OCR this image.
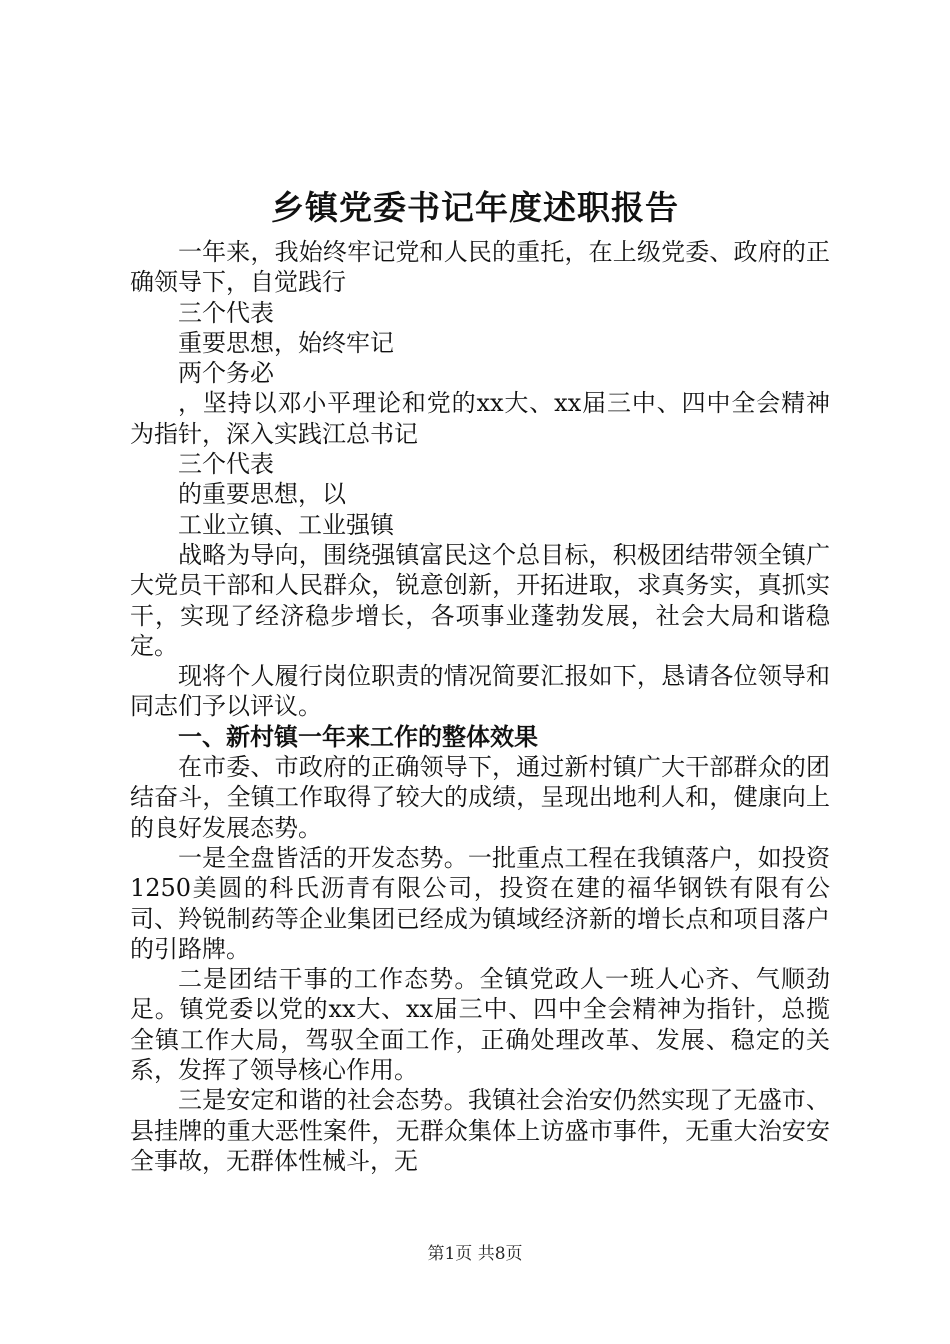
乡镇党委书记年度述职报告

一年来，我始终牢记党和人民的重托，在上级党委、政府的正确领导下，自觉践行

三个代表

重要思想，始终牢记

两个务必

，坚持以邓小平理论和党的xx大、xx届三中、四中全会精神为指针，深入实践江总书记

三个代表

的重要思想，以

工业立镇、工业强镇

战略为导向，围绕强镇富民这个总目标，积极团结带领全镇广大党员干部和人民群众，锐意创新，开拓进取，求真务实，真抓实干，实现了经济稳步增长，各项事业蓬勃发展，社会大局和谐稳定。

现将个人履行岗位职责的情况简要汇报如下，恳请各位领导和同志们予以评议。

一、新村镇一年来工作的整体效果

在市委、市政府的正确领导下，通过新村镇广大干部群众的团结奋斗，全镇工作取得了较大的成绩，呈现出地利人和，健康向上的良好发展态势。

一是全盘皆活的开发态势。一批重点工程在我镇落户，如投资1250美圆的科氏沥青有限公司，投资在建的福华钢铁有限有公司、羚锐制药等企业集团已经成为镇域经济新的增长点和项目落户的引路牌。

二是团结干事的工作态势。全镇党政人一班人心齐、气顺劲足。镇党委以党的xx大、xx届三中、四中全会精神为指针，总揽全镇工作大局，驾驭全面工作，正确处理改革、发展、稳定的关系，发挥了领导核心作用。

三是安定和谐的社会态势。我镇社会治安仍然实现了无盛市、县挂牌的重大恶性案件，无群众集体上访盛市事件，无重大治安安全事故，无群体性械斗，无

第1页 共8页
